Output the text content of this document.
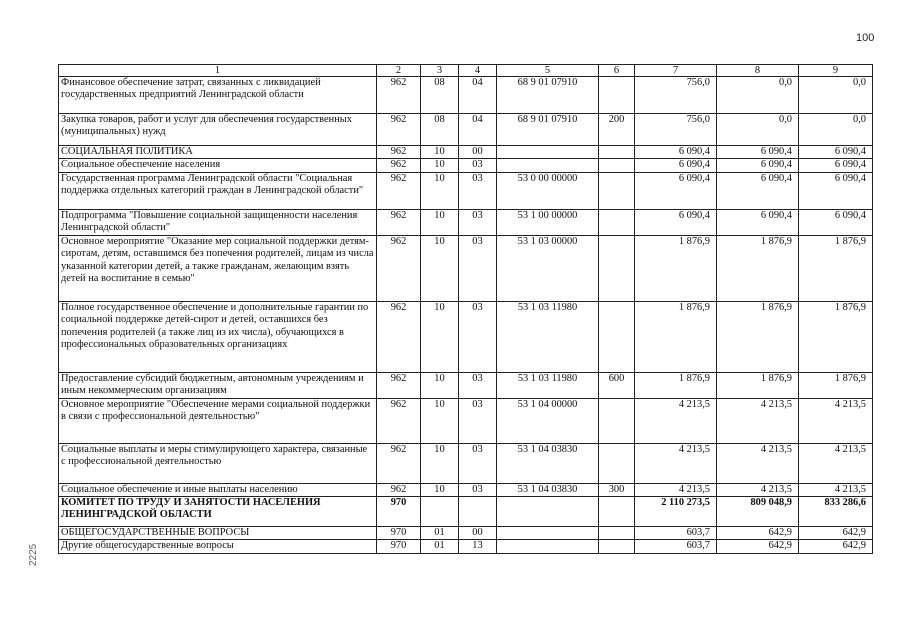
100
2225
1	2	3	4	5	6	7	8	9
Финансовое обеспечение затрат, связанных с ликвидацией государственных предприятий Ленинградской области	962	08	04	68 9 01 07910		756,0	0,0	0,0
Закупка товаров, работ и услуг для обеспечения государственных (муниципальных) нужд	962	08	04	68 9 01 07910	200	756,0	0,0	0,0
СОЦИАЛЬНАЯ ПОЛИТИКА	962	10	00			6 090,4	6 090,4	6 090,4
Социальное обеспечение населения	962	10	03			6 090,4	6 090,4	6 090,4
Государственная программа Ленинградской области "Социальная поддержка отдельных категорий граждан в Ленинградской области"	962	10	03	53 0 00 00000		6 090,4	6 090,4	6 090,4
Подпрограмма "Повышение социальной защищенности населения Ленинградской области"	962	10	03	53 1 00 00000		6 090,4	6 090,4	6 090,4
Основное мероприятие "Оказание мер социальной поддержки детям-сиротам, детям, оставшимся без попечения родителей, лицам из числа указанной категории детей, а также гражданам, желающим взять детей на воспитание в семью"	962	10	03	53 1 03 00000		1 876,9	1 876,9	1 876,9
Полное государственное обеспечение и дополнительные гарантии по социальной поддержке детей-сирот и детей, оставшихся без попечения родителей (а также лиц из их числа), обучающихся в профессиональных образовательных организациях	962	10	03	53 1 03 11980		1 876,9	1 876,9	1 876,9
Предоставление субсидий бюджетным, автономным учреждениям и иным некоммерческим организациям	962	10	03	53 1 03 11980	600	1 876,9	1 876,9	1 876,9
Основное мероприятие "Обеспечение мерами социальной поддержки в связи с профессиональной деятельностью"	962	10	03	53 1 04 00000		4 213,5	4 213,5	4 213,5
Социальные выплаты и меры стимулирующего характера, связанные с профессиональной деятельностью	962	10	03	53 1 04 03830		4 213,5	4 213,5	4 213,5
Социальное обеспечение и иные выплаты населению	962	10	03	53 1 04 03830	300	4 213,5	4 213,5	4 213,5
КОМИТЕТ ПО ТРУДУ И ЗАНЯТОСТИ НАСЕЛЕНИЯ ЛЕНИНГРАДСКОЙ ОБЛАСТИ	970					2 110 273,5	809 048,9	833 286,6
ОБЩЕГОСУДАРСТВЕННЫЕ ВОПРОСЫ	970	01	00			603,7	642,9	642,9
Другие общегосударственные вопросы	970	01	13			603,7	642,9	642,9
